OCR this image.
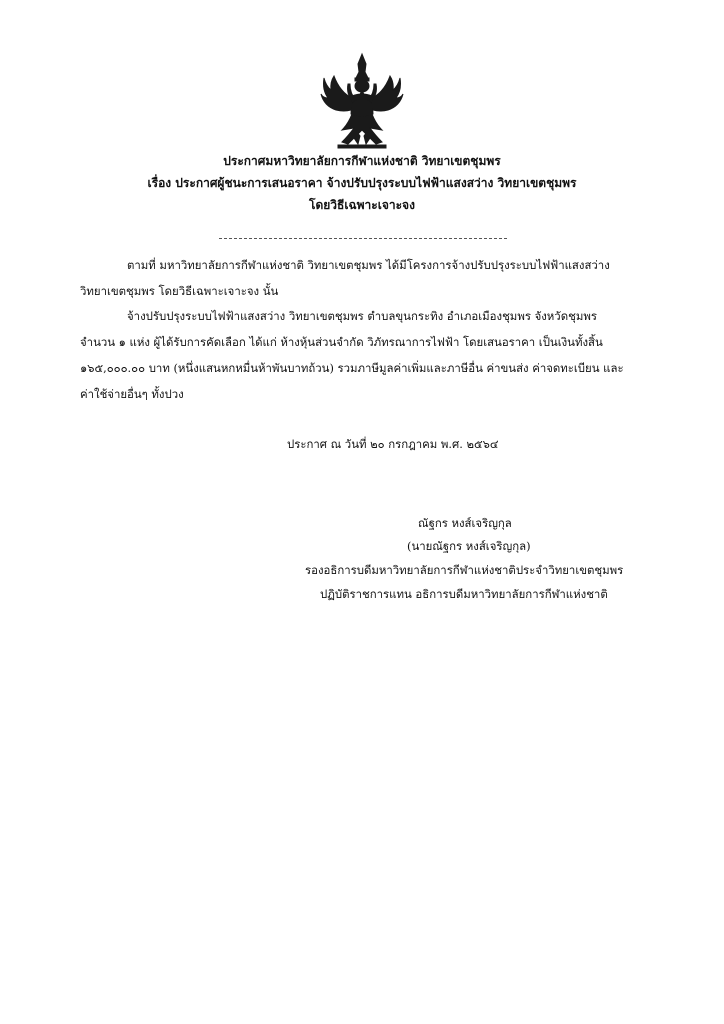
ประกาศมหาวิทยาลัยการกีฬาแห่งชาติ วิทยาเขตชุมพร
เรื่อง ประกาศผู้ชนะการเสนอราคา จ้างปรับปรุงระบบไฟฟ้าแสงสว่าง วิทยาเขตชุมพร
โดยวิธีเฉพาะเจาะจง
ตามที่ มหาวิทยาลัยการกีฬาแห่งชาติ วิทยาเขตชุมพร ได้มีโครงการจ้างปรับปรุงระบบไฟฟ้าแสงสว่าง
วิทยาเขตชุมพร โดยวิธีเฉพาะเจาะจง นั้น
จ้างปรับปรุงระบบไฟฟ้าแสงสว่าง วิทยาเขตชุมพร ตำบลขุนกระทิง อำเภอเมืองชุมพร จังหวัดชุมพร
จำนวน ๑ แห่ง ผู้ได้รับการคัดเลือก ได้แก่ ห้างหุ้นส่วนจำกัด วิภัทรณาการไฟฟ้า โดยเสนอราคา เป็นเงินทั้งสิ้น
๑๖๕,๐๐๐.๐๐ บาท (หนึ่งแสนหกหมื่นห้าพันบาทถ้วน) รวมภาษีมูลค่าเพิ่มและภาษีอื่น ค่าขนส่ง ค่าจดทะเบียน และ
ค่าใช้จ่ายอื่นๆ ทั้งปวง
ประกาศ ณ วันที่ ๒๐ กรกฎาคม พ.ศ. ๒๕๖๔
ณัฐกร หงส์เจริญกุล
(นายณัฐกร หงส์เจริญกุล)
รองอธิการบดีมหาวิทยาลัยการกีฬาแห่งชาติประจำวิทยาเขตชุมพร
ปฏิบัติราชการแทน อธิการบดีมหาวิทยาลัยการกีฬาแห่งชาติ
